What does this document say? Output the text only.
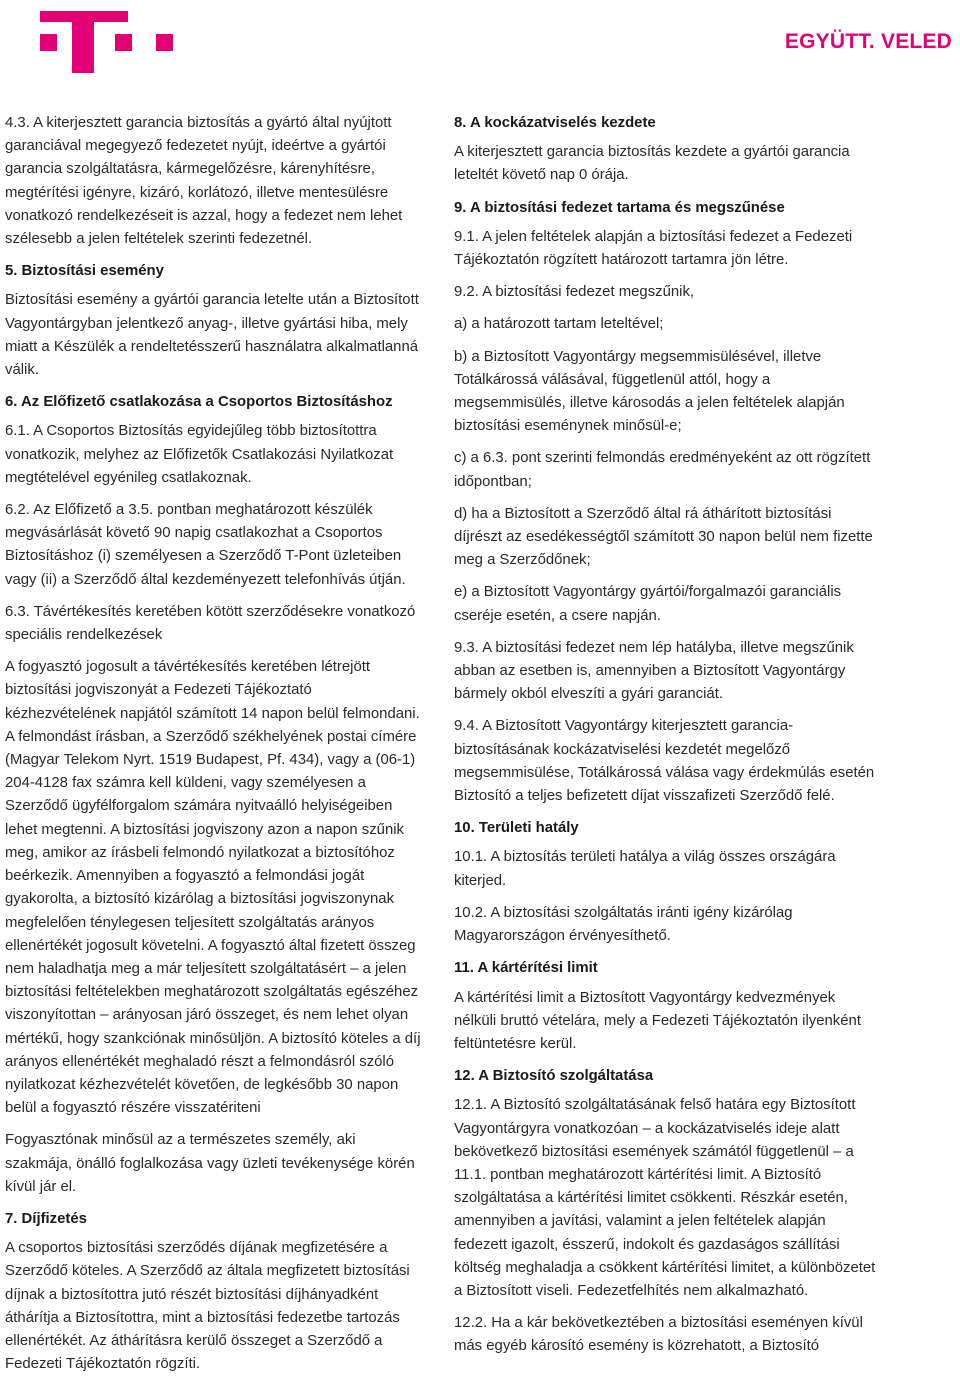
EGYÜTT. VELED

4.3. A kiterjesztett garancia biztosítás a gyártó által nyújtott garanciával megegyező fedezetet nyújt, ideértve a gyártói garancia szolgáltatásra, kármegelőzésre, kárenyhítésre, megtérítési igényre, kizáró, korlátozó, illetve mentesülésre vonatkozó rendelkezéseit is azzal, hogy a fedezet nem lehet szélesebb a jelen feltételek szerinti fedezetnél.

5. Biztosítási esemény

Biztosítási esemény a gyártói garancia letelte után a Biztosított Vagyontárgyban jelentkező anyag-, illetve gyártási hiba, mely miatt a Készülék a rendeltetésszerű használatra alkalmatlanná válik.

6. Az Előfizető csatlakozása a Csoportos Biztosításhoz

6.1. A Csoportos Biztosítás egyidejűleg több biztosítottra vonatkozik, melyhez az Előfizetők Csatlakozási Nyilatkozat megtételével egyénileg csatlakoznak.

6.2. Az Előfizető a 3.5. pontban meghatározott készülék megvásárlását követő 90 napig csatlakozhat a Csoportos Biztosításhoz (i) személyesen a Szerződő T-Pont üzleteiben vagy (ii) a Szerződő által kezdeményezett telefonhívás útján.

6.3. Távértékesítés keretében kötött szerződésekre vonatkozó speciális rendelkezések

A fogyasztó jogosult a távértékesítés keretében létrejött biztosítási jogviszonyát a Fedezeti Tájékoztató kézhezvételének napjától számított 14 napon belül felmondani. A felmondást írásban, a Szerződő székhelyének postai címére (Magyar Telekom Nyrt. 1519 Budapest, Pf. 434), vagy a (06-1) 204-4128 fax számra kell küldeni, vagy személyesen a Szerződő ügyfélforgalom számára nyitvaálló helyiségeiben lehet megtenni. A biztosítási jogviszony azon a napon szűnik meg, amikor az írásbeli felmondó nyilatkozat a biztosítóhoz beérkezik. Amennyiben a fogyasztó a felmondási jogát gyakorolta, a biztosító kizárólag a biztosítási jogviszonynak megfelelően ténylegesen teljesített szolgáltatás arányos ellenértékét jogosult követelni. A fogyasztó által fizetett összeg nem haladhatja meg a már teljesített szolgáltatásért – a jelen biztosítási feltételekben meghatározott szolgáltatás egészéhez viszonyítottan – arányosan járó összeget, és nem lehet olyan mértékű, hogy szankciónak minősüljön. A biztosító köteles a díj arányos ellenértékét meghaladó részt a felmondásról szóló nyilatkozat kézhezvételét követően, de legkésőbb 30 napon belül a fogyasztó részére visszatériteni

Fogyasztónak minősül az a természetes személy, aki szakmája, önálló foglalkozása vagy üzleti tevékenysége körén kívül jár el.

7. Díjfizetés

A csoportos biztosítási szerződés díjának megfizetésére a Szerződő köteles. A Szerződő az általa megfizetett biztosítási díjnak a biztosítottra jutó részét biztosítási díjhányadként áthárítja a Biztosítottra, mint a biztosítási fedezetbe tartozás ellenértékét. Az áthárításra kerülő összeget a Szerződő a Fedezeti Tájékoztatón rögzíti.

8. A kockázatviselés kezdete

A kiterjesztett garancia biztosítás kezdete a gyártói garancia leteltét követő nap 0 órája.

9. A biztosítási fedezet tartama és megszűnése

9.1. A jelen feltételek alapján a biztosítási fedezet a Fedezeti Tájékoztatón rögzített határozott tartamra jön létre.

9.2. A biztosítási fedezet megszűnik,

a) a határozott tartam leteltével;

b) a Biztosított Vagyontárgy megsemmisülésével, illetve Totálkárossá válásával, függetlenül attól, hogy a megsemmisülés, illetve károsodás a jelen feltételek alapján biztosítási eseménynek minősül-e;

c) a 6.3. pont szerinti felmondás eredményeként az ott rögzített időpontban;

d) ha a Biztosított a Szerződő által rá áthárított biztosítási díjrészt az esedékességtől számított 30 napon belül nem fizette meg a Szerződőnek;

e) a Biztosított Vagyontárgy gyártói/forgalmazói garanciális cseréje esetén, a csere napján.

9.3. A biztosítási fedezet nem lép hatályba, illetve megszűnik abban az esetben is, amennyiben a Biztosított Vagyontárgy bármely okból elveszíti a gyári garanciát.

9.4. A Biztosított Vagyontárgy kiterjesztett garancia-biztosításának kockázatviselési kezdetét megelőző megsemmisülése, Totálkárossá válása vagy érdekmúlás esetén Biztosító a teljes befizetett díjat visszafizeti Szerződő felé.

10. Területi hatály

10.1. A biztosítás területi hatálya a világ összes országára kiterjed.

10.2. A biztosítási szolgáltatás iránti igény kizárólag Magyarországon érvényesíthető.

11. A kártérítési limit

A kártérítési limit a Biztosított Vagyontárgy kedvezmények nélküli bruttó vételára, mely a Fedezeti Tájékoztatón ilyenként feltüntetésre kerül.

12. A Biztosító szolgáltatása

12.1. A Biztosító szolgáltatásának felső határa egy Biztosított Vagyontárgyra vonatkozóan – a kockázatviselés ideje alatt bekövetkező biztosítási események számától függetlenül – a 11.1. pontban meghatározott kártérítési limit. A Biztosító szolgáltatása a kártérítési limitet csökkenti. Részkár esetén, amennyiben a javítási, valamint a jelen feltételek alapján fedezett igazolt, ésszerű, indokolt és gazdaságos szállítási költség meghaladja a csökkent kártérítési limitet, a különbözetet a Biztosított viseli. Fedezetfelhítés nem alkalmazható.

12.2. Ha a kár bekövetkeztében a biztosítási eseményen kívül más egyéb károsító esemény is közrehatott, a Biztosító
